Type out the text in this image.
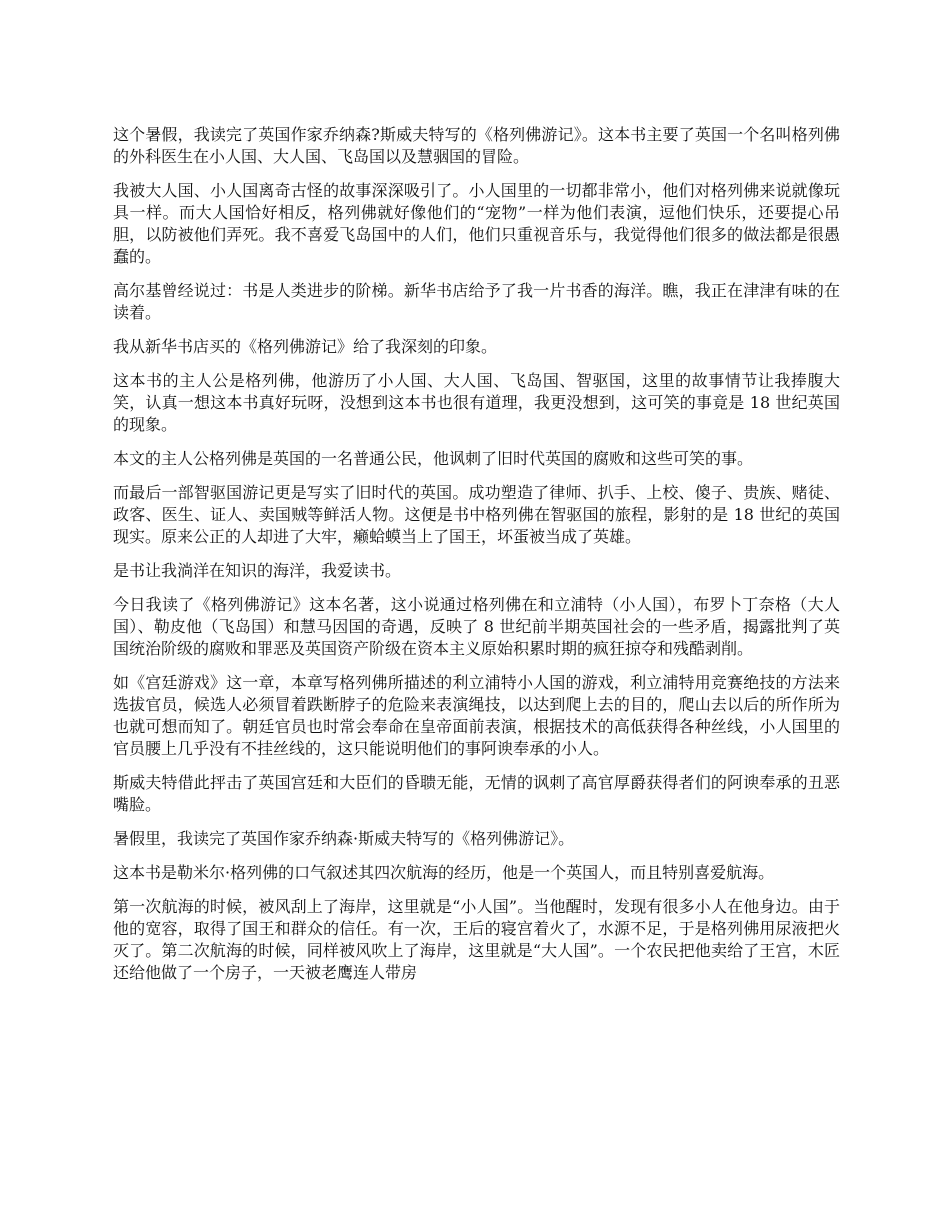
这个暑假，我读完了英国作家乔纳森?斯威夫特写的《格列佛游记》。这本书主要了英国一个名叫格列佛的外科医生在小人国、大人国、飞岛国以及慧骃国的冒险。

我被大人国、小人国离奇古怪的故事深深吸引了。小人国里的一切都非常小，他们对格列佛来说就像玩具一样。而大人国恰好相反，格列佛就好像他们的“宠物”一样为他们表演，逗他们快乐，还要提心吊胆，以防被他们弄死。我不喜爱飞岛国中的人们，他们只重视音乐与，我觉得他们很多的做法都是很愚蠢的。

高尔基曾经说过：书是人类进步的阶梯。新华书店给予了我一片书香的海洋。瞧，我正在津津有味的在读着。

我从新华书店买的《格列佛游记》给了我深刻的印象。

这本书的主人公是格列佛，他游历了小人国、大人国、飞岛国、智驱国，这里的故事情节让我捧腹大笑，认真一想这本书真好玩呀，没想到这本书也很有道理，我更没想到，这可笑的事竟是 18 世纪英国的现象。

本文的主人公格列佛是英国的一名普通公民，他讽刺了旧时代英国的腐败和这些可笑的事。

而最后一部智驱国游记更是写实了旧时代的英国。成功塑造了律师、扒手、上校、傻子、贵族、赌徒、政客、医生、证人、卖国贼等鲜活人物。这便是书中格列佛在智驱国的旅程，影射的是 18 世纪的英国现实。原来公正的人却进了大牢，癞蛤蟆当上了国王，坏蛋被当成了英雄。

是书让我淌洋在知识的海洋，我爱读书。

今日我读了《格列佛游记》这本名著，这小说通过格列佛在和立浦特（小人国），布罗卜丁奈格（大人国）、勒皮他（飞岛国）和慧马因国的奇遇，反映了 8 世纪前半期英国社会的一些矛盾，揭露批判了英国统治阶级的腐败和罪恶及英国资产阶级在资本主义原始积累时期的疯狂掠夺和残酷剥削。

如《宫廷游戏》这一章，本章写格列佛所描述的利立浦特小人国的游戏，利立浦特用竞赛绝技的方法来选拔官员，候选人必须冒着跌断脖子的危险来表演绳技，以达到爬上去的目的，爬山去以后的所作所为也就可想而知了。朝廷官员也时常会奉命在皇帝面前表演，根据技术的高低获得各种丝线，小人国里的官员腰上几乎没有不挂丝线的，这只能说明他们的事阿谀奉承的小人。

斯威夫特借此抨击了英国宫廷和大臣们的昏聩无能，无情的讽刺了高官厚爵获得者们的阿谀奉承的丑恶嘴脸。

暑假里，我读完了英国作家乔纳森·斯威夫特写的《格列佛游记》。

这本书是勒米尔·格列佛的口气叙述其四次航海的经历，他是一个英国人，而且特别喜爱航海。

第一次航海的时候，被风刮上了海岸，这里就是“小人国”。当他醒时，发现有很多小人在他身边。由于他的宽容，取得了国王和群众的信任。有一次，王后的寝宫着火了，水源不足，于是格列佛用尿液把火灭了。第二次航海的时候，同样被风吹上了海岸，这里就是“大人国”。一个农民把他卖给了王宫，木匠还给他做了一个房子，一天被老鹰连人带房
